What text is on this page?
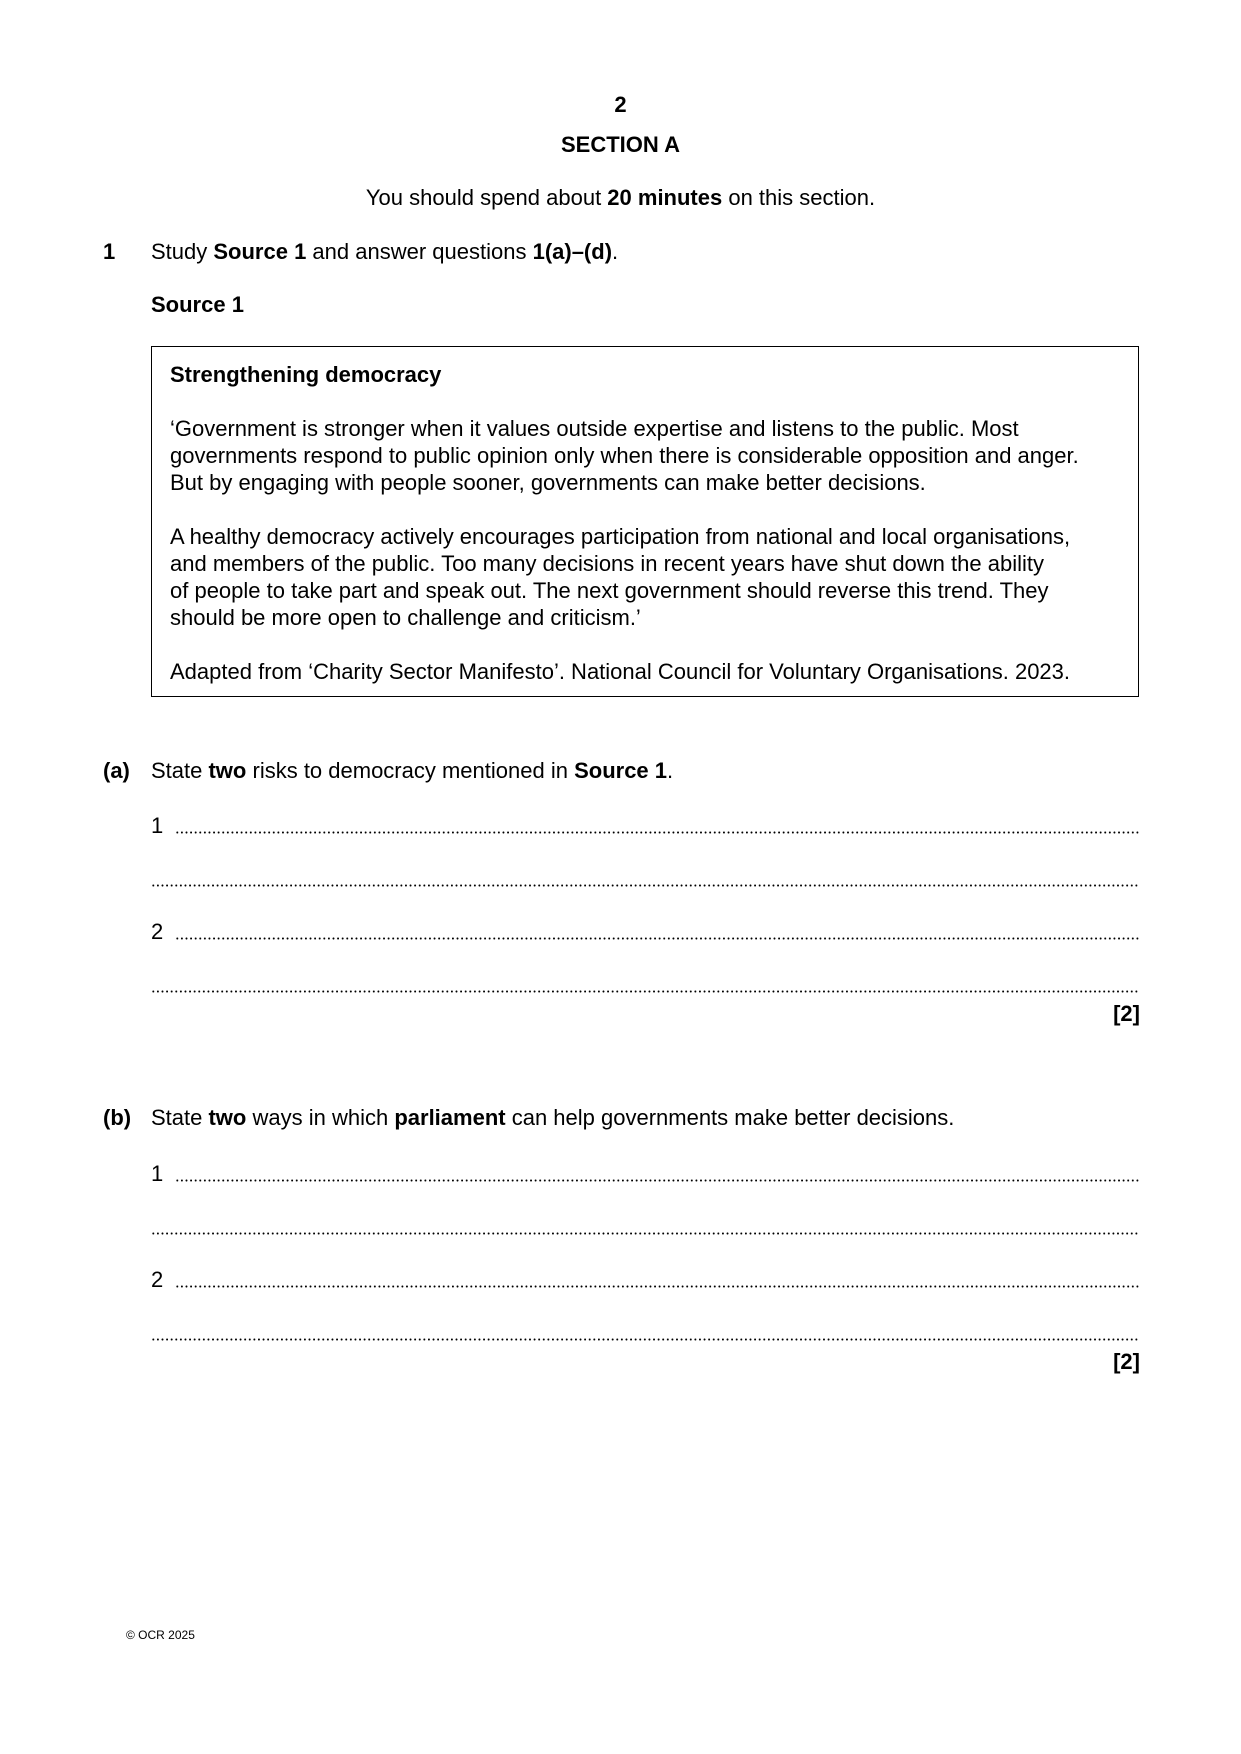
2
SECTION A
You should spend about 20 minutes on this section.
1 Study Source 1 and answer questions 1(a)–(d).
Source 1

Strengthening democracy

‘Government is stronger when it values outside expertise and listens to the public. Most

governments respond to public opinion only when there is considerable opposition and anger.

But by engaging with people sooner, governments can make better decisions.

A healthy democracy actively encourages participation from national and local organisations,

and members of the public. Too many decisions in recent years have shut down the ability

of people to take part and speak out. The next government should reverse this trend. They

should be more open to challenge and criticism.’

Adapted from ‘Charity Sector Manifesto’. National Council for Voluntary Organisations. 2023.

(a) State two risks to democracy mentioned in Source 1.
1
2
[2]
(b) State two ways in which parliament can help governments make better decisions.
1
2
[2]
© OCR 2025
